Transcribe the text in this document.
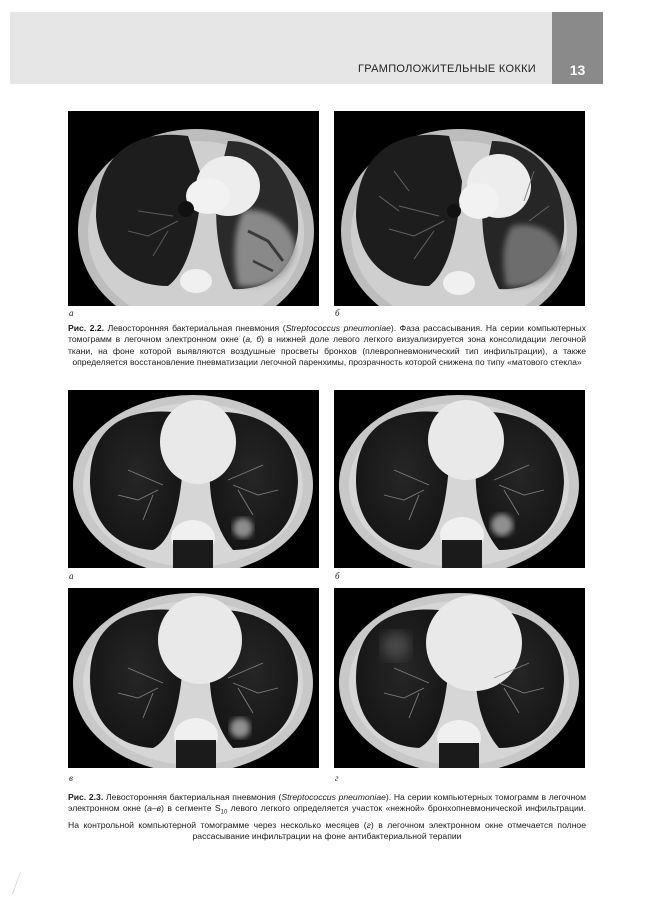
ГРАМПОЛОЖИТЕЛЬНЫЕ КОККИ	13
а	б
Рис. 2.2. Левосторонняя бактериальная пневмония (Streptococcus pneumoniae). Фаза рассасывания. На серии компьютерных томограмм в легочном электронном окне (а, б) в нижней доле левого легкого визуализируется зона консолидации легочной ткани, на фоне которой выявляются воздушные просветы бронхов (плевропневмонический тип инфильтрации), а также определяется восстановление пневматизации легочной паренхимы, прозрачность которой снижена по типу «матового стекла»
а	б
в	г
Рис. 2.3. Левосторонняя бактериальная пневмония (Streptococcus pneumoniae). На серии компьютерных томограмм в легочном электронном окне (а–в) в сегменте $S_{10}$ левого легкого определяется участок «нежной» бронхопневмонической инфильтрации. На контрольной компьютерной томограмме через несколько месяцев (г) в легочном электронном окне отмечается полное рассасывание инфильтрации на фоне антибактериальной терапии
